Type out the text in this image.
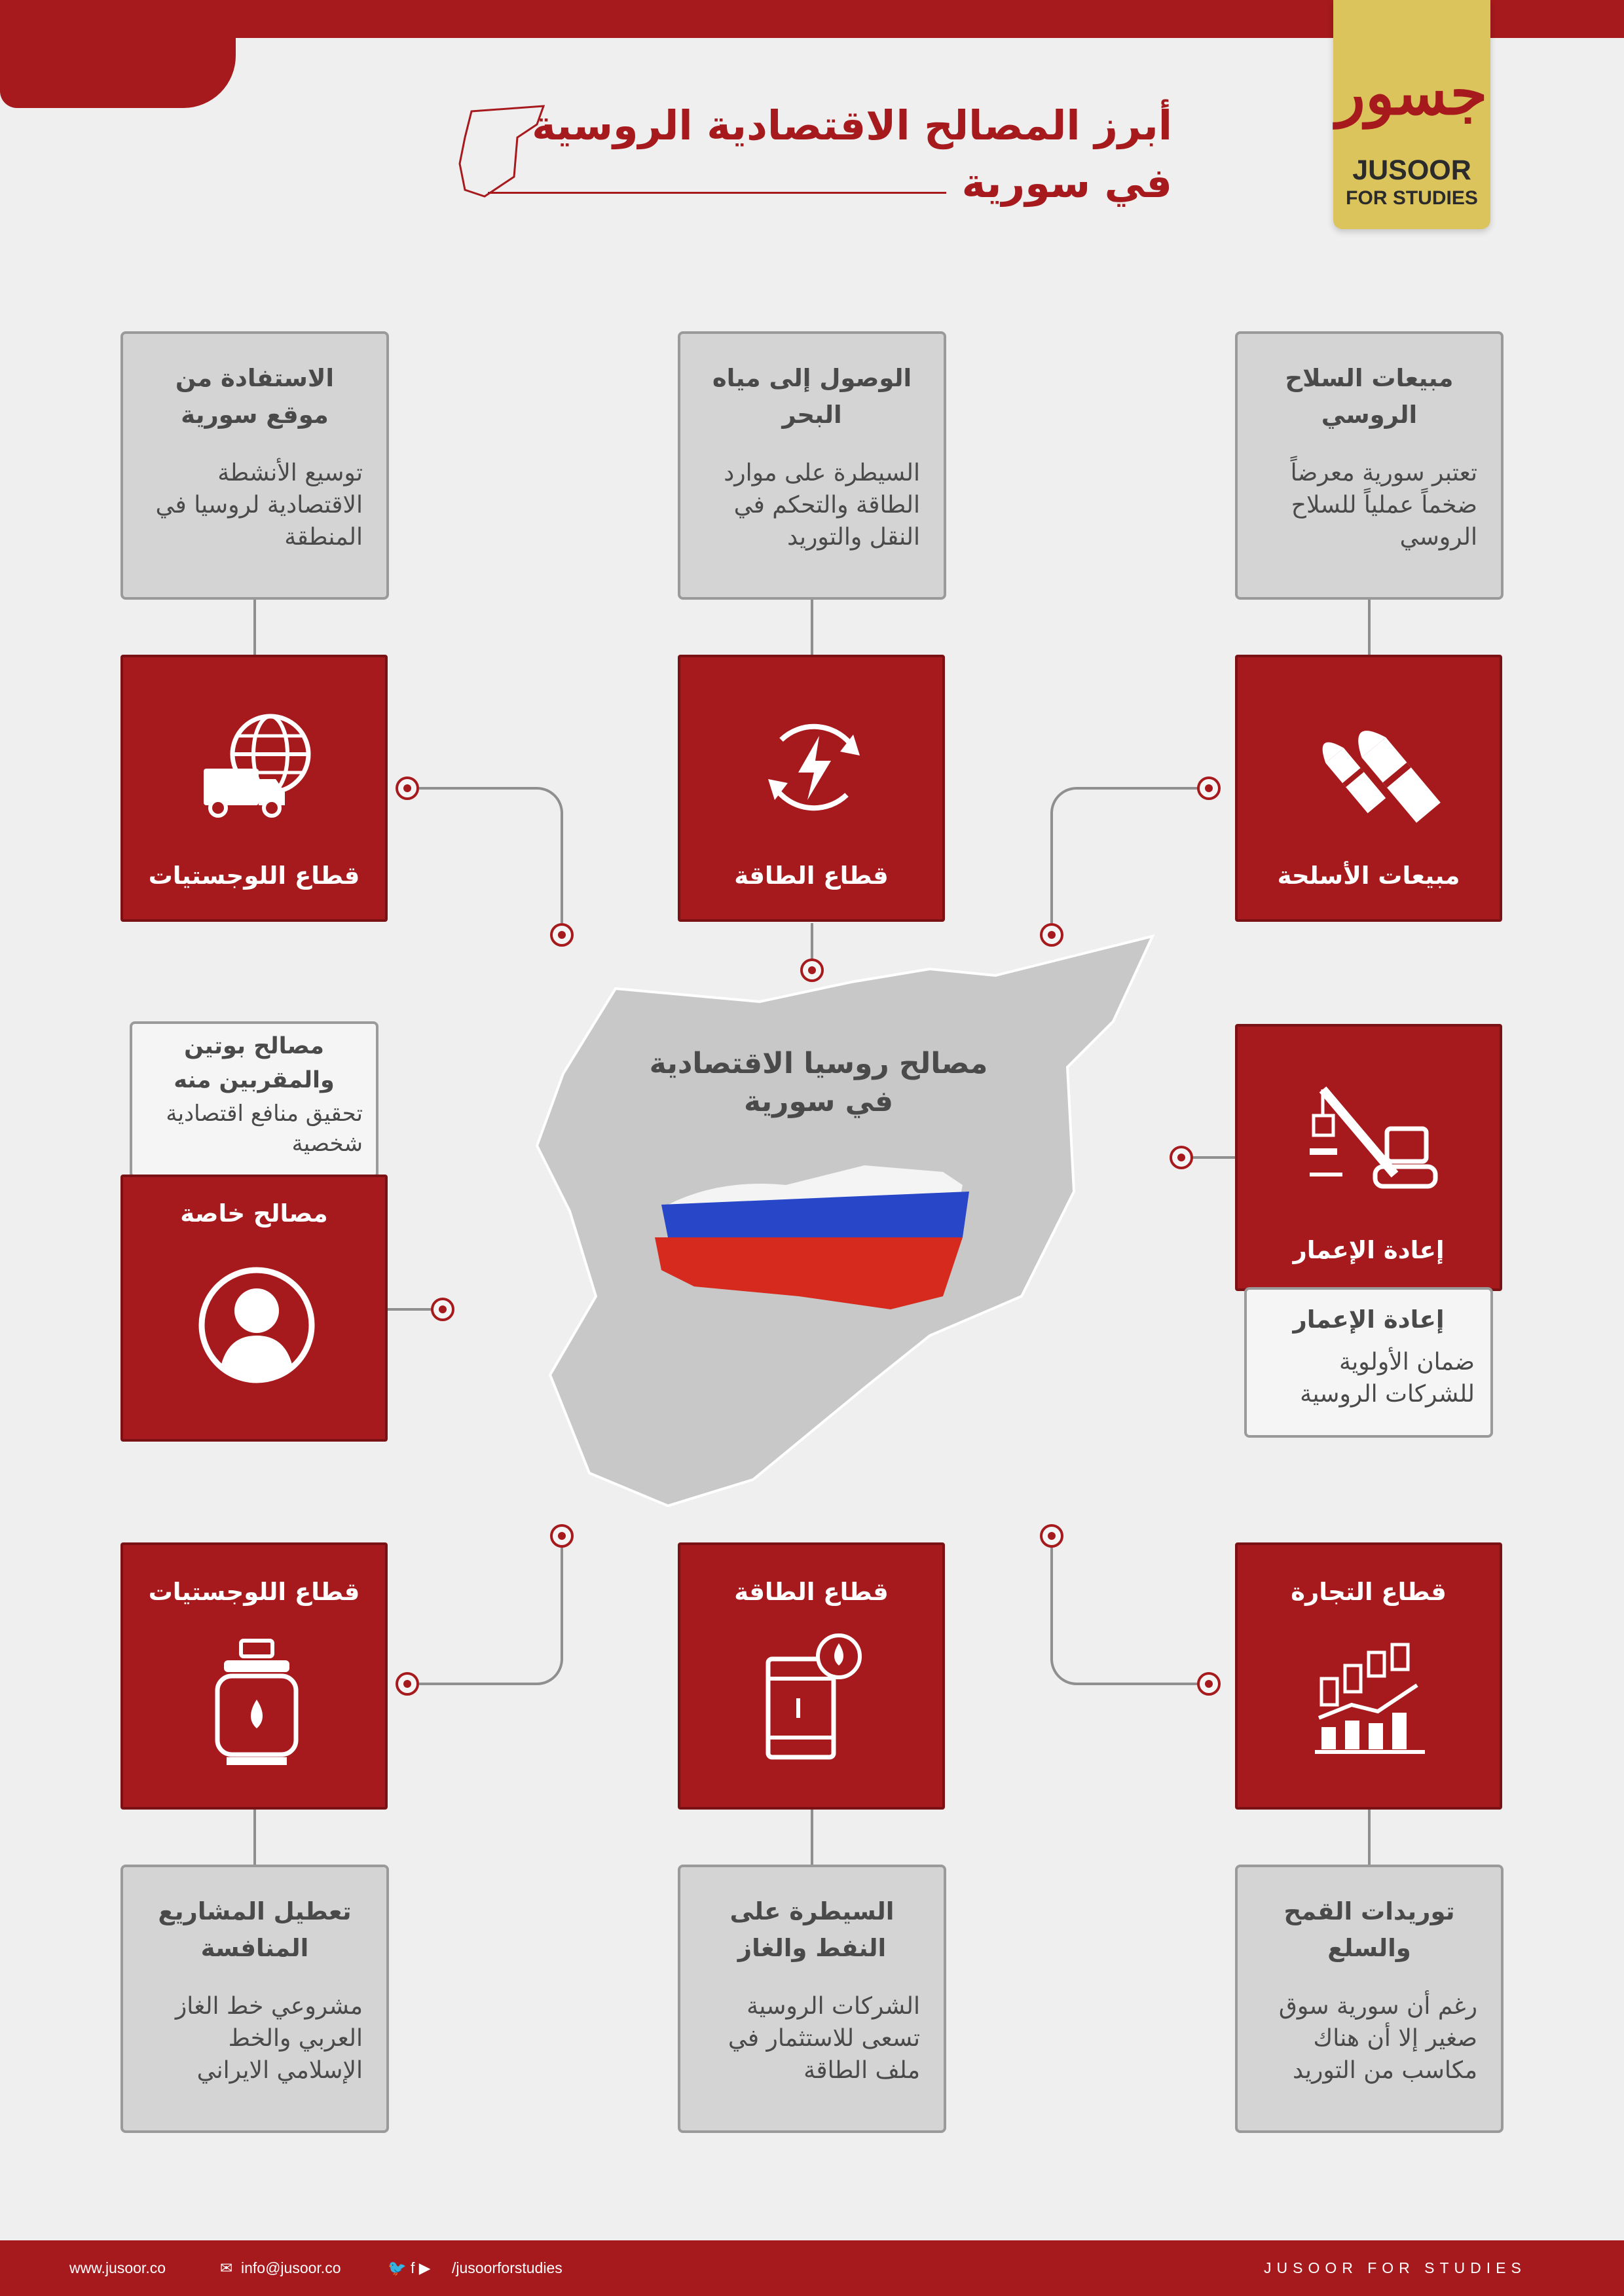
جسور
JUSOOR
FOR STUDIES
أبرز المصالح الاقتصادية الروسية
في سورية
الاستفادة من موقع سورية
توسيع الأنشطة الاقتصادية لروسيا في المنطقة
الوصول إلى مياه البحر
السيطرة على موارد الطاقة والتحكم في النقل والتوريد
مبيعات السلاح الروسي
تعتبر سورية معرضاً ضخماً عملياً للسلاح الروسي
قطاع اللوجستيات	قطاع الطاقة	مبيعات الأسلحة
مصالح بوتين والمقربين منه
تحقيق منافع اقتصادية شخصية
مصالح خاصة
إعادة الإعمار
إعادة الإعمار
ضمان الأولوية للشركات الروسية
مصالح روسيا الاقتصادية
في سورية
قطاع اللوجستيات	قطاع الطاقة	قطاع التجارة
تعطيل المشاريع المنافسة
مشروعي خط الغاز العربي والخط الإسلامي الايراني
السيطرة على النفط والغاز
الشركات الروسية تسعى للاستثمار في ملف الطاقة
توريدات القمح والسلع
رغم أن سورية سوق صغير إلا أن هناك مكاسب من التوريد
www.jusoor.co	✉ info@jusoor.co	🐦 f ▶ /jusoorforstudies	JUSOOR FOR STUDIES
